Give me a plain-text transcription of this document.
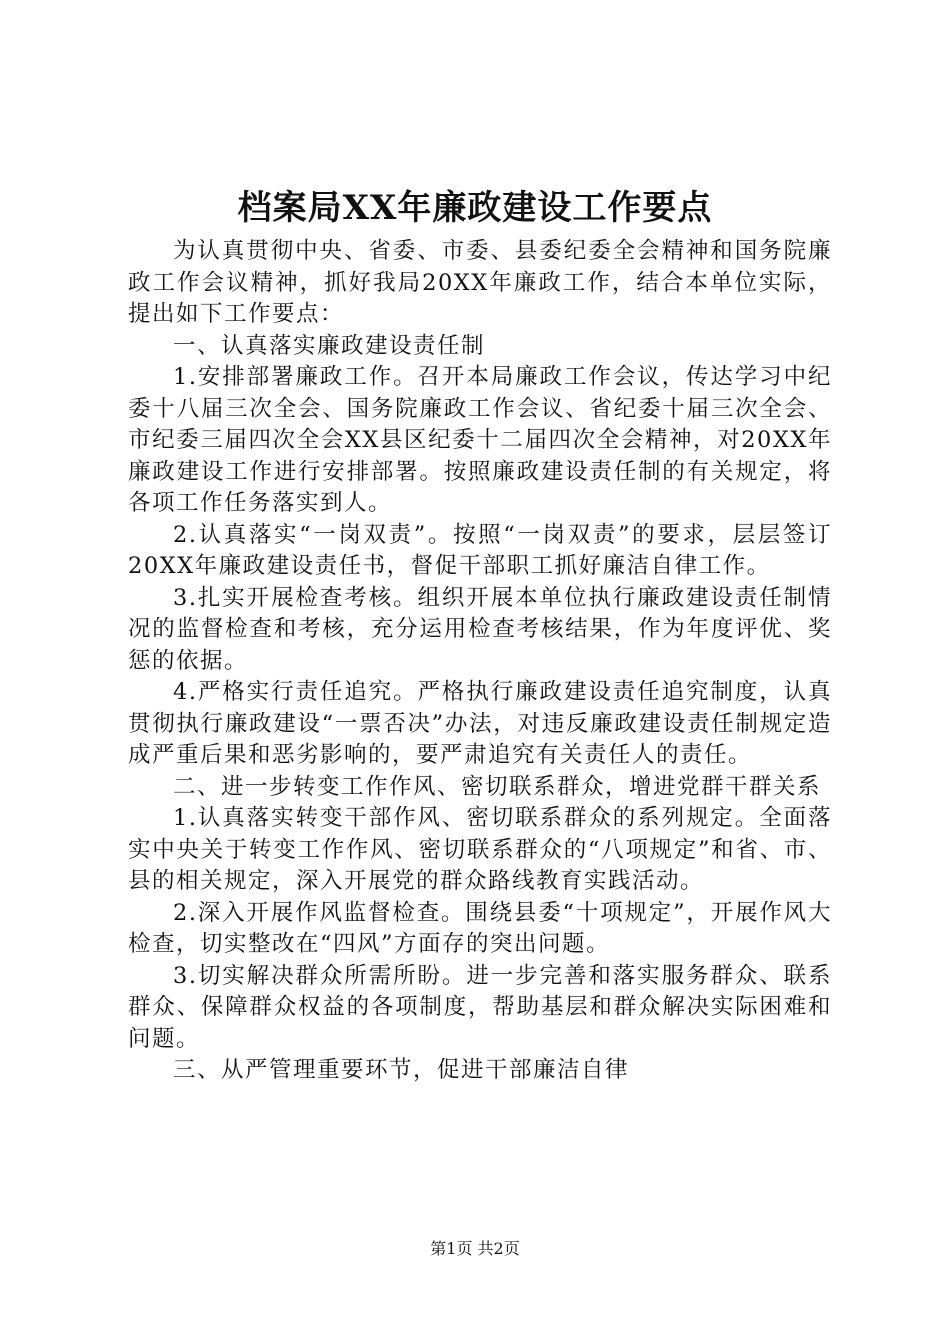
档案局XX年廉政建设工作要点

为认真贯彻中央、省委、市委、县委纪委全会精神和国务院廉政工作会议精神，抓好我局20XX年廉政工作，结合本单位实际，提出如下工作要点：

一、认真落实廉政建设责任制

1.安排部署廉政工作。召开本局廉政工作会议，传达学习中纪委十八届三次全会、国务院廉政工作会议、省纪委十届三次全会、市纪委三届四次全会XX县区纪委十二届四次全会精神，对20XX年廉政建设工作进行安排部署。按照廉政建设责任制的有关规定，将各项工作任务落实到人。

2.认真落实“一岗双责”。按照“一岗双责”的要求，层层签订20XX年廉政建设责任书，督促干部职工抓好廉洁自律工作。

3.扎实开展检查考核。组织开展本单位执行廉政建设责任制情况的监督检查和考核，充分运用检查考核结果，作为年度评优、奖惩的依据。

4.严格实行责任追究。严格执行廉政建设责任追究制度，认真贯彻执行廉政建设“一票否决”办法，对违反廉政建设责任制规定造成严重后果和恶劣影响的，要严肃追究有关责任人的责任。

二、进一步转变工作作风、密切联系群众，增进党群干群关系

1.认真落实转变干部作风、密切联系群众的系列规定。全面落实中央关于转变工作作风、密切联系群众的“八项规定”和省、市、县的相关规定，深入开展党的群众路线教育实践活动。

2.深入开展作风监督检查。围绕县委“十项规定”，开展作风大检查，切实整改在“四风”方面存的突出问题。

3.切实解决群众所需所盼。进一步完善和落实服务群众、联系群众、保障群众权益的各项制度，帮助基层和群众解决实际困难和问题。

三、从严管理重要环节，促进干部廉洁自律

第1页 共2页
